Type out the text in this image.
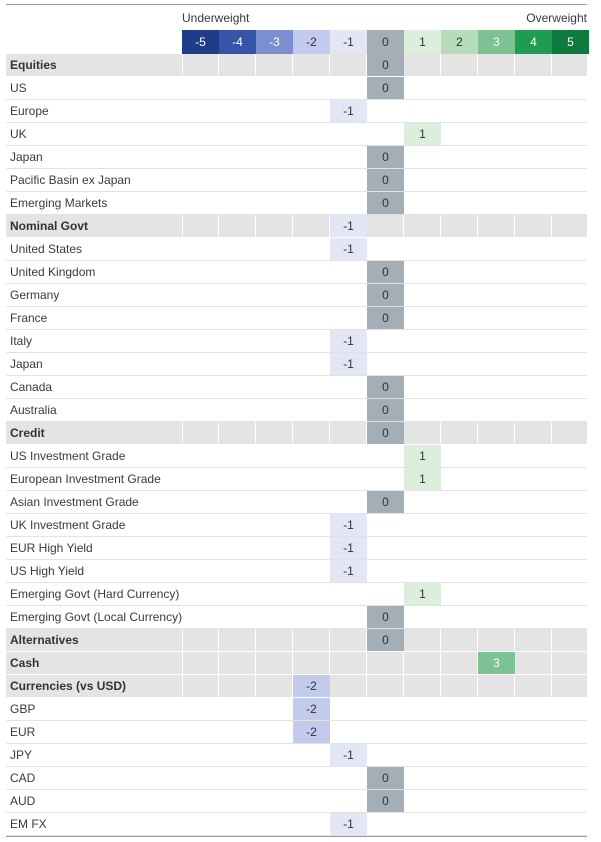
Underweight	Overweight
-5	-4	-3	-2	-1	0	1	2	3	4	5
Equities	0
US	0
Europe	-1
UK	1
Japan	0
Pacific Basin ex Japan	0
Emerging Markets	0
Nominal Govt	-1
United States	-1
United Kingdom	0
Germany	0
France	0
Italy	-1
Japan	-1
Canada	0
Australia	0
Credit	0
US Investment Grade	1
European Investment Grade	1
Asian Investment Grade	0
UK Investment Grade	-1
EUR High Yield	-1
US High Yield	-1
Emerging Govt (Hard Currency)	1
Emerging Govt (Local Currency)	0
Alternatives	0
Cash	3
Currencies (vs USD)	-2
GBP	-2
EUR	-2
JPY	-1
CAD	0
AUD	0
EM FX	-1
